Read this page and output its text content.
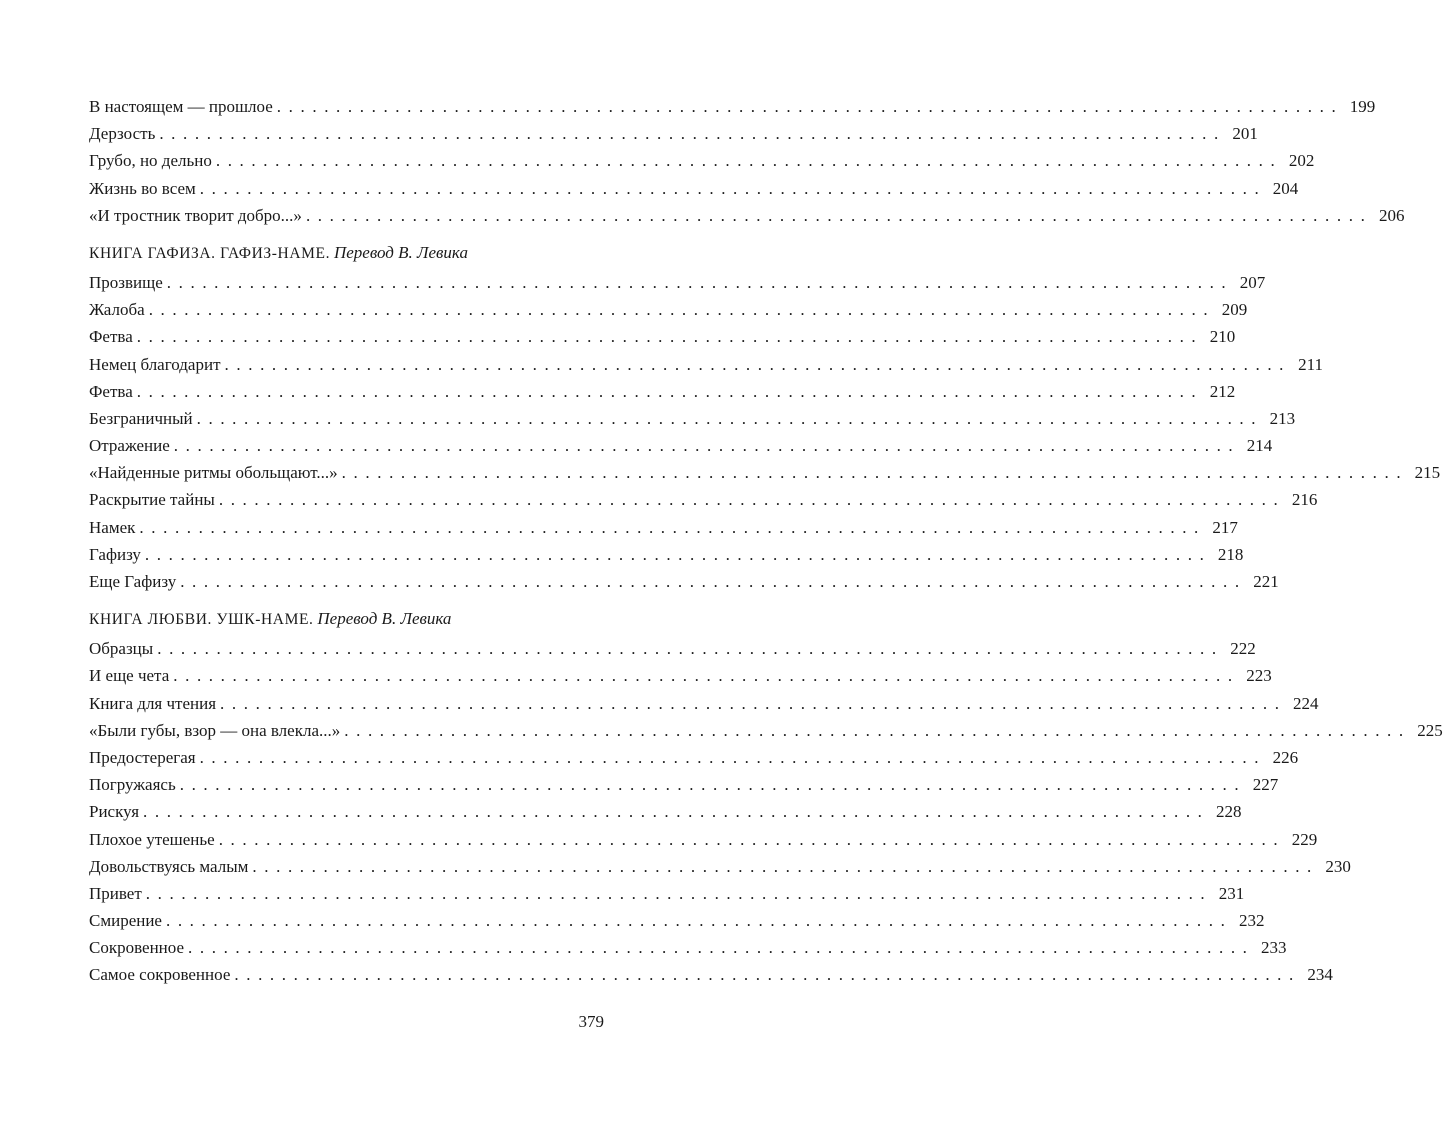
В настоящем — прошлое .......................................................................................... 199
Дерзость .......................................................................................... 201
Грубо, но дельно .......................................................................................... 202
Жизнь во всем .......................................................................................... 204
«И тростник творит добро...» .......................................................................................... 206
КНИГА ГАФИЗА. ГАФИЗ-НАМЕ. Перевод В. Левика
Прозвище .......................................................................................... 207
Жалоба .......................................................................................... 209
Фетва .......................................................................................... 210
Немец благодарит .......................................................................................... 211
Фетва .......................................................................................... 212
Безграничный .......................................................................................... 213
Отражение .......................................................................................... 214
«Найденные ритмы обольщают...» .......................................................................................... 215
Раскрытие тайны .......................................................................................... 216
Намек .......................................................................................... 217
Гафизу .......................................................................................... 218
Еще Гафизу .......................................................................................... 221
КНИГА ЛЮБВИ. УШК-НАМЕ. Перевод В. Левика
Образцы .......................................................................................... 222
И еще чета .......................................................................................... 223
Книга для чтения .......................................................................................... 224
«Были губы, взор — она влекла...» .......................................................................................... 225
Предостерегая .......................................................................................... 226
Погружаясь .......................................................................................... 227
Рискуя .......................................................................................... 228
Плохое утешенье .......................................................................................... 229
Довольствуясь малым .......................................................................................... 230
Привет .......................................................................................... 231
Смирение .......................................................................................... 232
Сокровенное .......................................................................................... 233
Самое сокровенное .......................................................................................... 234
379
